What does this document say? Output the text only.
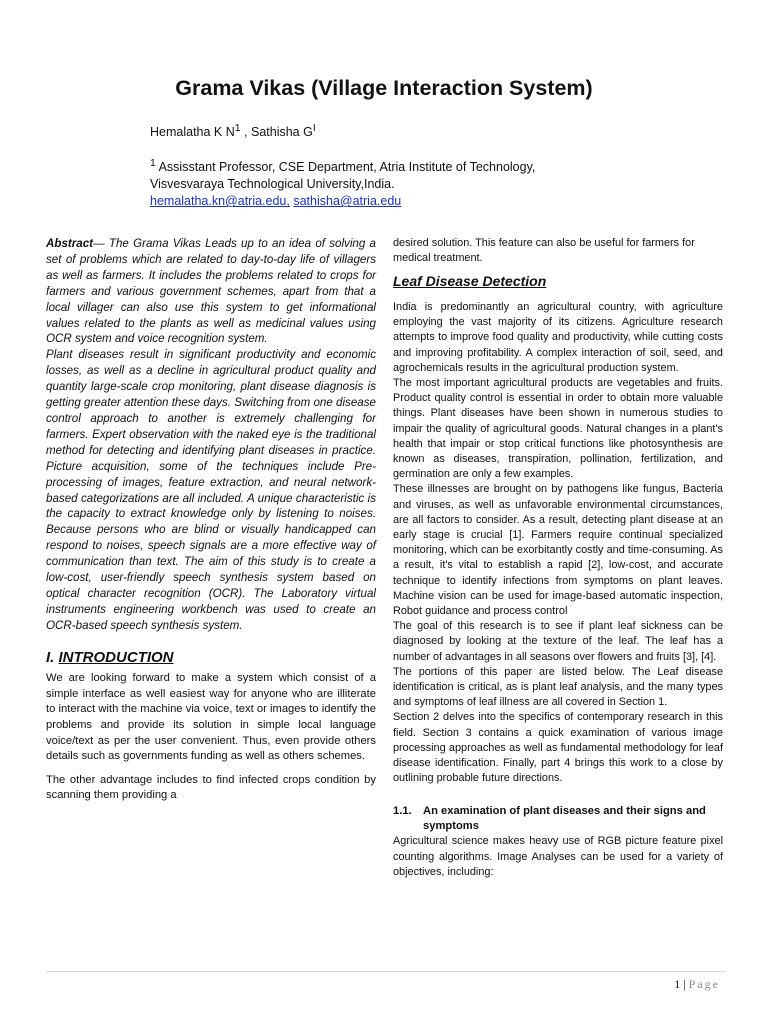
Grama Vikas (Village Interaction System)

Hemalatha K $N^1$ , Sathisha $G^I$

$^1$ Assisstant Professor, CSE Department, Atria Institute of Technology,
Visvesvaraya Technological University,India.
hemalatha.kn@atria.edu, sathisha@atria.edu

Abstract— The Grama Vikas Leads up to an idea of solving a set of problems which are related to day-to-day life of villagers as well as farmers. It includes the problems related to crops for farmers and various government schemes, apart from that a local villager can also use this system to get informational values related to the plants as well as medicinal values using OCR system and voice recognition system.

Plant diseases result in significant productivity and economic losses, as well as a decline in agricultural product quality and quantity large-scale crop monitoring, plant disease diagnosis is getting greater attention these days. Switching from one disease control approach to another is extremely challenging for farmers. Expert observation with the naked eye is the traditional method for detecting and identifying plant diseases in practice. Picture acquisition, some of the techniques include Pre-processing of images, feature extraction, and neural network-based categorizations are all included. A unique characteristic is the capacity to extract knowledge only by listening to noises. Because persons who are blind or visually handicapped can respond to noises, speech signals are a more effective way of communication than text. The aim of this study is to create a low-cost, user-friendly speech synthesis system based on optical character recognition (OCR). The Laboratory virtual instruments engineering workbench was used to create an OCR-based speech synthesis system.

I. INTRODUCTION

We are looking forward to make a system which consist of a simple interface as well easiest way for anyone who are illiterate to interact with the machine via voice, text or images to identify the problems and provide its solution in simple local language voice/text as per the user convenient. Thus, even provide others details such as governments funding as well as others schemes.

The other advantage includes to find infected crops condition by scanning them providing a

desired solution. This feature can also be useful for farmers for medical treatment.

Leaf Disease Detection

India is predominantly an agricultural country, with agriculture employing the vast majority of its citizens. Agriculture research attempts to improve food quality and productivity, while cutting costs and improving profitability. A complex interaction of soil, seed, and agrochemicals results in the agricultural production system.

The most important agricultural products are vegetables and fruits. Product quality control is essential in order to obtain more valuable things. Plant diseases have been shown in numerous studies to impair the quality of agricultural goods. Natural changes in a plant's health that impair or stop critical functions like photosynthesis are known as diseases, transpiration, pollination, fertilization, and germination are only a few examples.

These illnesses are brought on by pathogens like fungus, Bacteria and viruses, as well as unfavorable environmental circumstances, are all factors to consider. As a result, detecting plant disease at an early stage is crucial [1]. Farmers require continual specialized monitoring, which can be exorbitantly costly and time-consuming. As a result, it's vital to establish a rapid [2], low-cost, and accurate technique to identify infections from symptoms on plant leaves. Machine vision can be used for image-based automatic inspection, Robot guidance and process control

The goal of this research is to see if plant leaf sickness can be diagnosed by looking at the texture of the leaf. The leaf has a number of advantages in all seasons over flowers and fruits [3], [4].

The portions of this paper are listed below. The Leaf disease identification is critical, as is plant leaf analysis, and the many types and symptoms of leaf illness are all covered in Section 1.

Section 2 delves into the specifics of contemporary research in this field. Section 3 contains a quick examination of various image processing approaches as well as fundamental methodology for leaf disease identification. Finally, part 4 brings this work to a close by outlining probable future directions.

1.1.	An examination of plant diseases and their signs and symptoms

Agricultural science makes heavy use of RGB picture feature pixel counting algorithms. Image Analyses can be used for a variety of objectives, including:

1 | Page
